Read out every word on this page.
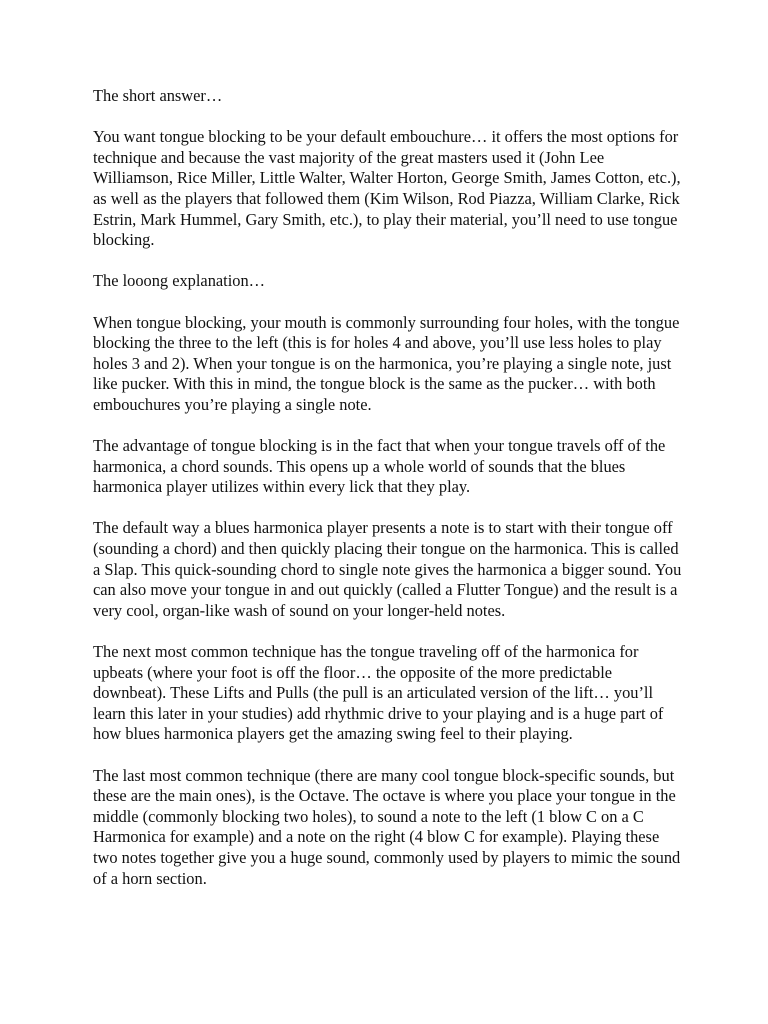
The short answer…

You want tongue blocking to be your default embouchure… it offers the most options for technique and because the vast majority of the great masters used it (John Lee Williamson, Rice Miller, Little Walter, Walter Horton, George Smith, James Cotton, etc.), as well as the players that followed them (Kim Wilson, Rod Piazza, William Clarke, Rick Estrin, Mark Hummel, Gary Smith, etc.), to play their material, you’ll need to use tongue blocking.

The looong explanation…

When tongue blocking, your mouth is commonly surrounding four holes, with the tongue blocking the three to the left (this is for holes 4 and above, you’ll use less holes to play holes 3 and 2). When your tongue is on the harmonica, you’re playing a single note, just like pucker. With this in mind, the tongue block is the same as the pucker… with both embouchures you’re playing a single note.

The advantage of tongue blocking is in the fact that when your tongue travels off of the harmonica, a chord sounds. This opens up a whole world of sounds that the blues harmonica player utilizes within every lick that they play.

The default way a blues harmonica player presents a note is to start with their tongue off (sounding a chord) and then quickly placing their tongue on the harmonica. This is called a Slap. This quick-sounding chord to single note gives the harmonica a bigger sound. You can also move your tongue in and out quickly (called a Flutter Tongue) and the result is a very cool, organ-like wash of sound on your longer-held notes.

The next most common technique has the tongue traveling off of the harmonica for upbeats (where your foot is off the floor… the opposite of the more predictable downbeat). These Lifts and Pulls (the pull is an articulated version of the lift… you’ll learn this later in your studies) add rhythmic drive to your playing and is a huge part of how blues harmonica players get the amazing swing feel to their playing.

The last most common technique (there are many cool tongue block-specific sounds, but these are the main ones), is the Octave. The octave is where you place your tongue in the middle (commonly blocking two holes), to sound a note to the left (1 blow C on a C Harmonica for example) and a note on the right (4 blow C for example). Playing these two notes together give you a huge sound, commonly used by players to mimic the sound of a horn section.
